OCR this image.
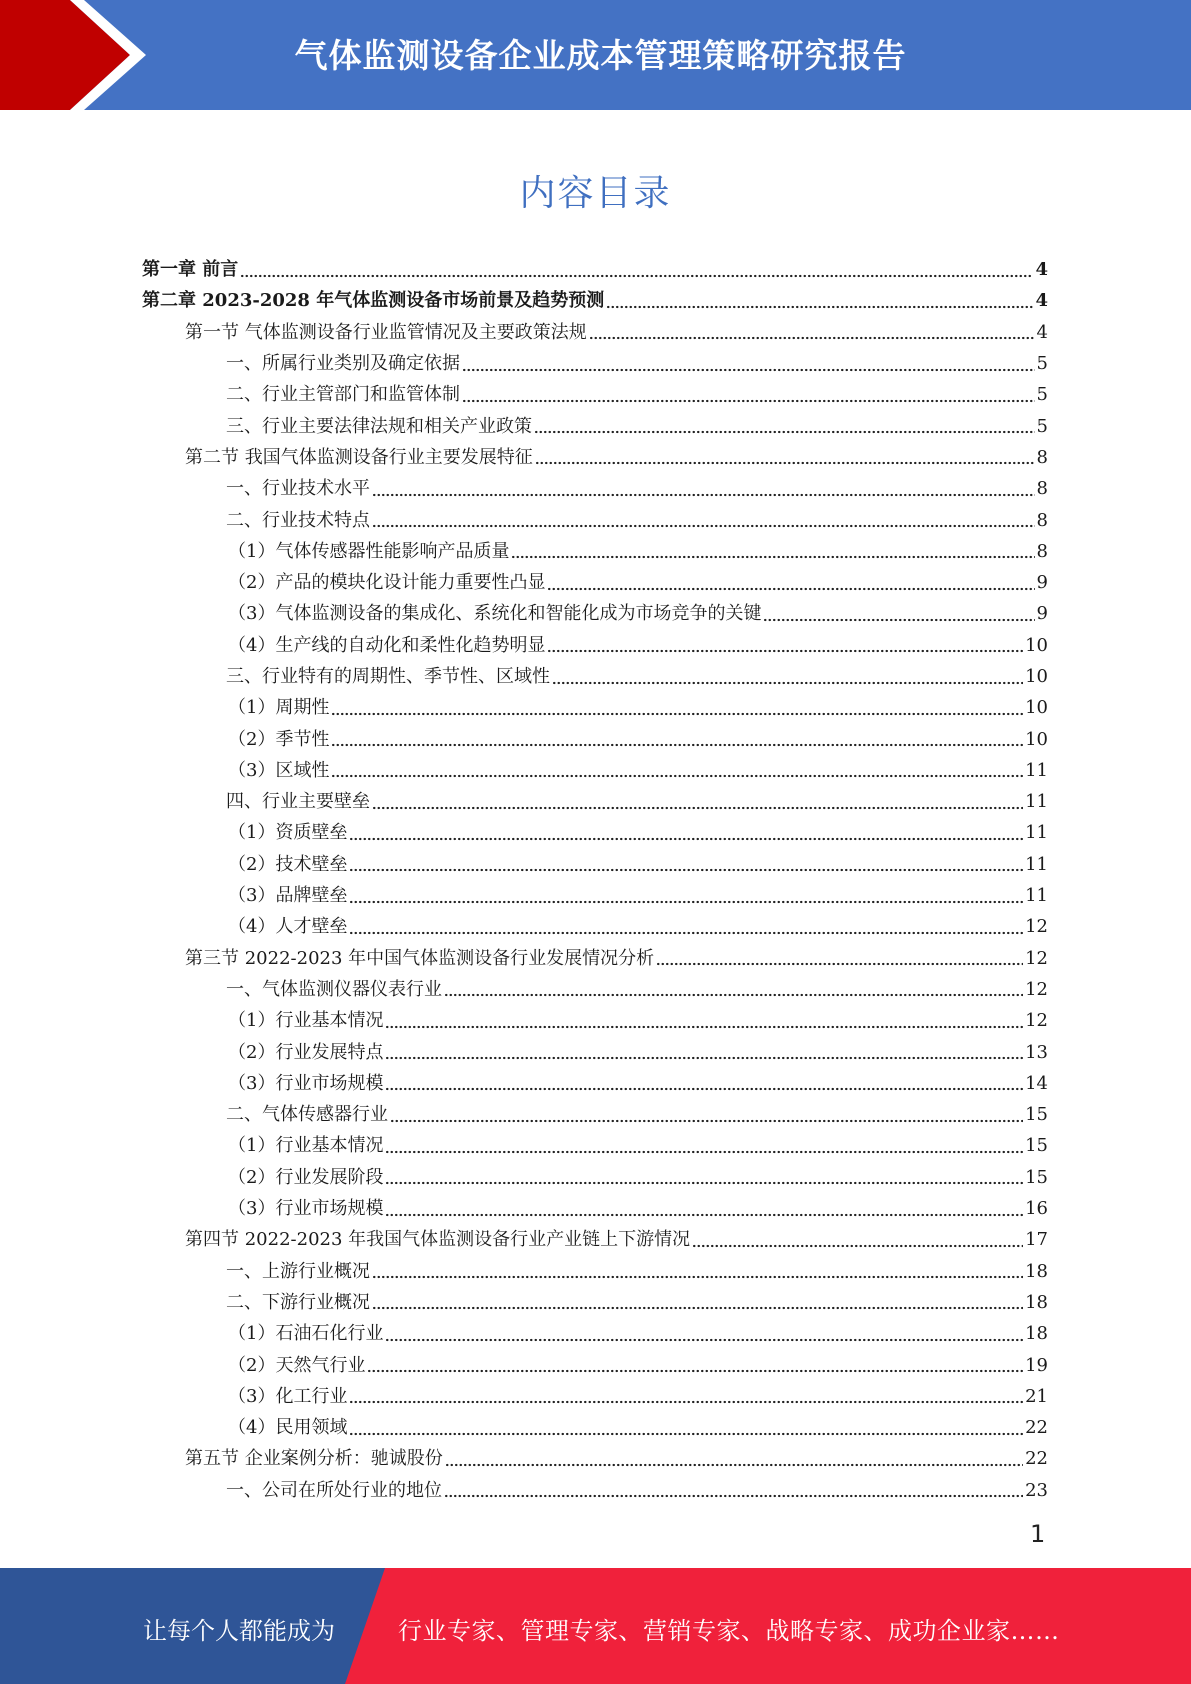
气体监测设备企业成本管理策略研究报告
内容目录
第一章 前言	4
第二章 2023-2028 年气体监测设备市场前景及趋势预测	4
第一节 气体监测设备行业监管情况及主要政策法规	4
一、所属行业类别及确定依据	5
二、行业主管部门和监管体制	5
三、行业主要法律法规和相关产业政策	5
第二节 我国气体监测设备行业主要发展特征	8
一、行业技术水平	8
二、行业技术特点	8
（1）气体传感器性能影响产品质量	8
（2）产品的模块化设计能力重要性凸显	9
（3）气体监测设备的集成化、系统化和智能化成为市场竞争的关键	9
（4）生产线的自动化和柔性化趋势明显	10
三、行业特有的周期性、季节性、区域性	10
（1）周期性	10
（2）季节性	10
（3）区域性	11
四、行业主要壁垒	11
（1）资质壁垒	11
（2）技术壁垒	11
（3）品牌壁垒	11
（4）人才壁垒	12
第三节 2022-2023 年中国气体监测设备行业发展情况分析	12
一、气体监测仪器仪表行业	12
（1）行业基本情况	12
（2）行业发展特点	13
（3）行业市场规模	14
二、气体传感器行业	15
（1）行业基本情况	15
（2）行业发展阶段	15
（3）行业市场规模	16
第四节 2022-2023 年我国气体监测设备行业产业链上下游情况	17
一、上游行业概况	18
二、下游行业概况	18
（1）石油石化行业	18
（2）天然气行业	19
（3）化工行业	21
（4）民用领域	22
第五节 企业案例分析：驰诚股份	22
一、公司在所处行业的地位	23
1
让每个人都能成为	行业专家、管理专家、营销专家、战略专家、成功企业家……
